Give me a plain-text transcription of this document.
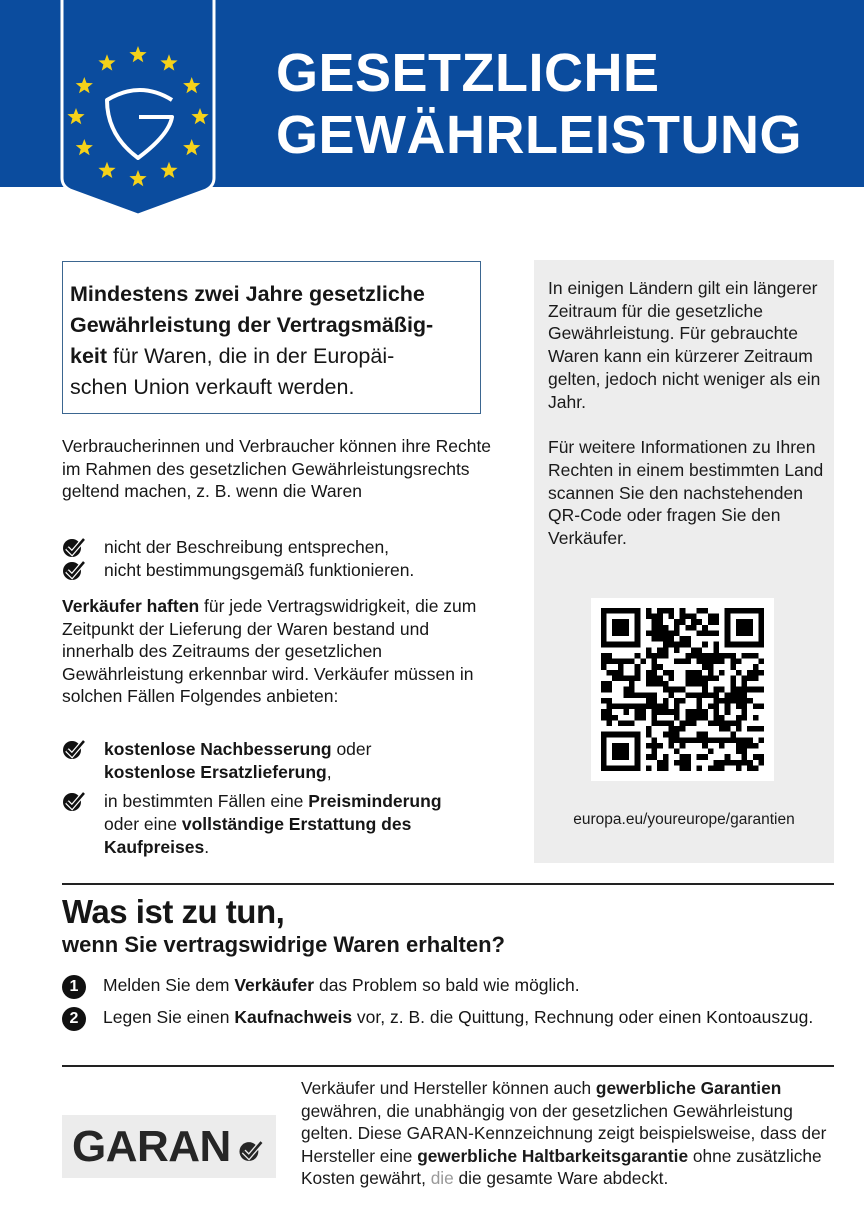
GESETZLICHE
GEWÄHRLEISTUNG
Mindestens zwei Jahre gesetzliche
Gewährleistung der Vertragsmäßig-
keit für Waren, die in der Europäi-
schen Union verkauft werden.
Verbraucherinnen und Verbraucher können ihre Rechte im Rahmen des gesetzlichen Gewährleistungsrechts geltend machen, z. B. wenn die Waren
nicht der Beschreibung entsprechen,
nicht bestimmungsgemäß funktionieren.
Verkäufer haften für jede Vertragswidrigkeit, die zum Zeitpunkt der Lieferung der Waren bestand und innerhalb des Zeitraums der gesetzlichen Gewährleistung erkennbar wird. Verkäufer müssen in solchen Fällen Folgendes anbieten:
kostenlose Nachbesserung oder
kostenlose Ersatzlieferung,
in bestimmten Fällen eine Preisminderung
oder eine vollständige Erstattung des Kaufpreises.

In einigen Ländern gilt ein längerer Zeitraum für die gesetzliche Gewährleistung. Für gebrauchte Waren kann ein kürzerer Zeitraum gelten, jedoch nicht weniger als ein Jahr.

Für weitere Informationen zu Ihren Rechten in einem bestimmten Land scannen Sie den nachstehenden QR-Code oder fragen Sie den Verkäufer.

europa.eu/youreurope/garantien
Was ist zu tun,
wenn Sie vertragswidrige Waren erhalten?
1	Melden Sie dem Verkäufer das Problem so bald wie möglich.
2	Legen Sie einen Kaufnachweis vor, z. B. die Quittung, Rechnung oder einen Kontoauszug.
GARAN
Verkäufer und Hersteller können auch gewerbliche Garantien gewähren, die unabhängig von der gesetzlichen Gewährleistung gelten. Diese GARAN-Kennzeichnung zeigt beispielsweise, dass der Hersteller eine gewerbliche Haltbarkeitsgarantie ohne zusätzliche Kosten gewährt, die die gesamte Ware abdeckt.
